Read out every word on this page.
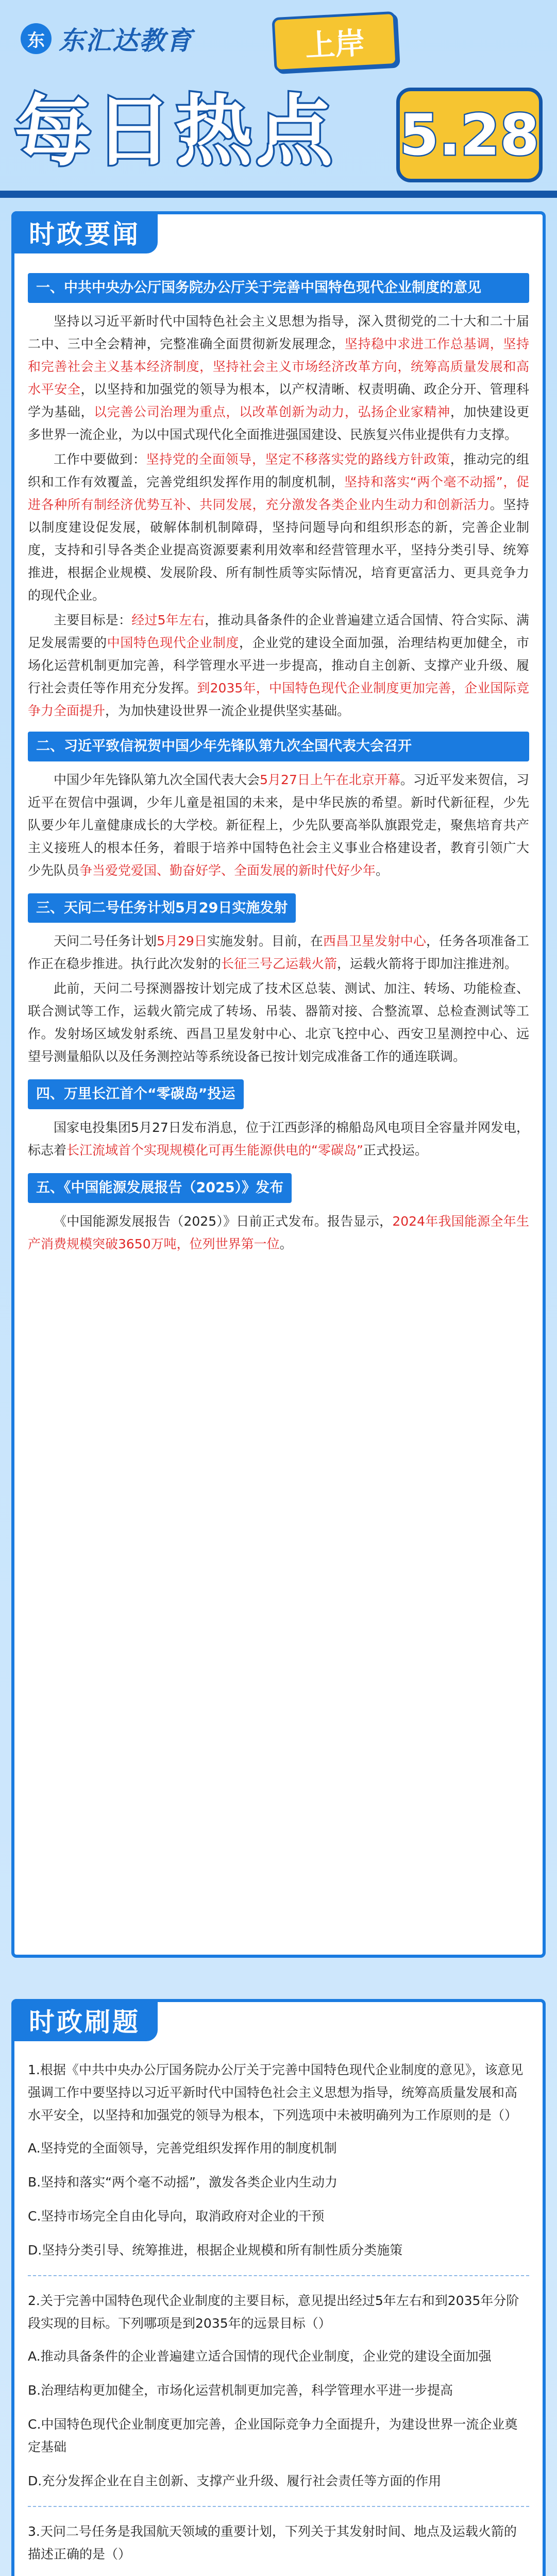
东 东汇达教育	上岸
每日热点 5.28
时政要闻
一、中共中央办公厅国务院办公厅关于完善中国特色现代企业制度的意见

坚持以习近平新时代中国特色社会主义思想为指导，深入贯彻党的二十大和二十届二中、三中全会精神，完整准确全面贯彻新发展理念，坚持稳中求进工作总基调，坚持和完善社会主义基本经济制度，坚持社会主义市场经济改革方向，统筹高质量发展和高水平安全，以坚持和加强党的领导为根本，以产权清晰、权责明确、政企分开、管理科学为基础，以完善公司治理为重点，以改革创新为动力，弘扬企业家精神，加快建设更多世界一流企业，为以中国式现代化全面推进强国建设、民族复兴伟业提供有力支撑。

工作中要做到：坚持党的全面领导，坚定不移落实党的路线方针政策，推动完的组织和工作有效覆盖，完善党组织发挥作用的制度机制，坚持和落实“两个毫不动摇”，促进各种所有制经济优势互补、共同发展，充分激发各类企业内生动力和创新活力。坚持以制度建设促发展，破解体制机制障碍，坚持问题导向和组织形态的新，完善企业制度，支持和引导各类企业提高资源要素利用效率和经营管理水平，坚持分类引导、统筹推进，根据企业规模、发展阶段、所有制性质等实际情况，培育更富活力、更具竞争力的现代企业。

主要目标是：经过5年左右，推动具备条件的企业普遍建立适合国情、符合实际、满足发展需要的中国特色现代企业制度，企业党的建设全面加强，治理结构更加健全，市场化运营机制更加完善，科学管理水平进一步提高，推动自主创新、支撑产业升级、履行社会责任等作用充分发挥。到2035年，中国特色现代企业制度更加完善，企业国际竞争力全面提升，为加快建设世界一流企业提供坚实基础。

二、习近平致信祝贺中国少年先锋队第九次全国代表大会召开

中国少年先锋队第九次全国代表大会5月27日上午在北京开幕。习近平发来贺信，习近平在贺信中强调，少年儿童是祖国的未来，是中华民族的希望。新时代新征程，少先队要少年儿童健康成长的大学校。新征程上，少先队要高举队旗跟党走，聚焦培育共产主义接班人的根本任务，着眼于培养中国特色社会主义事业合格建设者，教育引领广大少先队员争当爱党爱国、勤奋好学、全面发展的新时代好少年。

三、天问二号任务计划5月29日实施发射

天问二号任务计划5月29日实施发射。目前，在西昌卫星发射中心，任务各项准备工作正在稳步推进。执行此次发射的长征三号乙运载火箭，运载火箭将于即加注推进剂。

此前，天问二号探测器按计划完成了技术区总装、测试、加注、转场、功能检查、联合测试等工作，运载火箭完成了转场、吊装、器箭对接、合整流罩、总检查测试等工作。发射场区域发射系统、西昌卫星发射中心、北京飞控中心、西安卫星测控中心、远望号测量船队以及任务测控站等系统设备已按计划完成准备工作的通连联调。

四、万里长江首个“零碳岛”投运

国家电投集团5月27日发布消息，位于江西彭泽的棉船岛风电项目全容量并网发电，标志着长江流域首个实现规模化可再生能源供电的“零碳岛”正式投运。

五、《中国能源发展报告（2025）》发布

《中国能源发展报告（2025）》日前正式发布。报告显示，2024年我国能源全年生产消费规模突破3650万吨，位列世界第一位。

时政刷题

1.根据《中共中央办公厅国务院办公厅关于完善中国特色现代企业制度的意见》，该意见强调工作中要坚持以习近平新时代中国特色社会主义思想为指导，统筹高质量发展和高水平安全，以坚持和加强党的领导为根本，下列选项中未被明确列为工作原则的是（）

A.坚持党的全面领导，完善党组织发挥作用的制度机制

B.坚持和落实“两个毫不动摇”，激发各类企业内生动力

C.坚持市场完全自由化导向，取消政府对企业的干预

D.坚持分类引导、统筹推进，根据企业规模和所有制性质分类施策

2.关于完善中国特色现代企业制度的主要目标，意见提出经过5年左右和到2035年分阶段实现的目标。下列哪项是到2035年的远景目标（）

A.推动具备条件的企业普遍建立适合国情的现代企业制度，企业党的建设全面加强

B.治理结构更加健全，市场化运营机制更加完善，科学管理水平进一步提高

C.中国特色现代企业制度更加完善，企业国际竞争力全面提升，为建设世界一流企业奠定基础

D.充分发挥企业在自主创新、支撑产业升级、履行社会责任等方面的作用

3.天问二号任务是我国航天领域的重要计划，下列关于其发射时间、地点及运载火箭的描述正确的是（）
